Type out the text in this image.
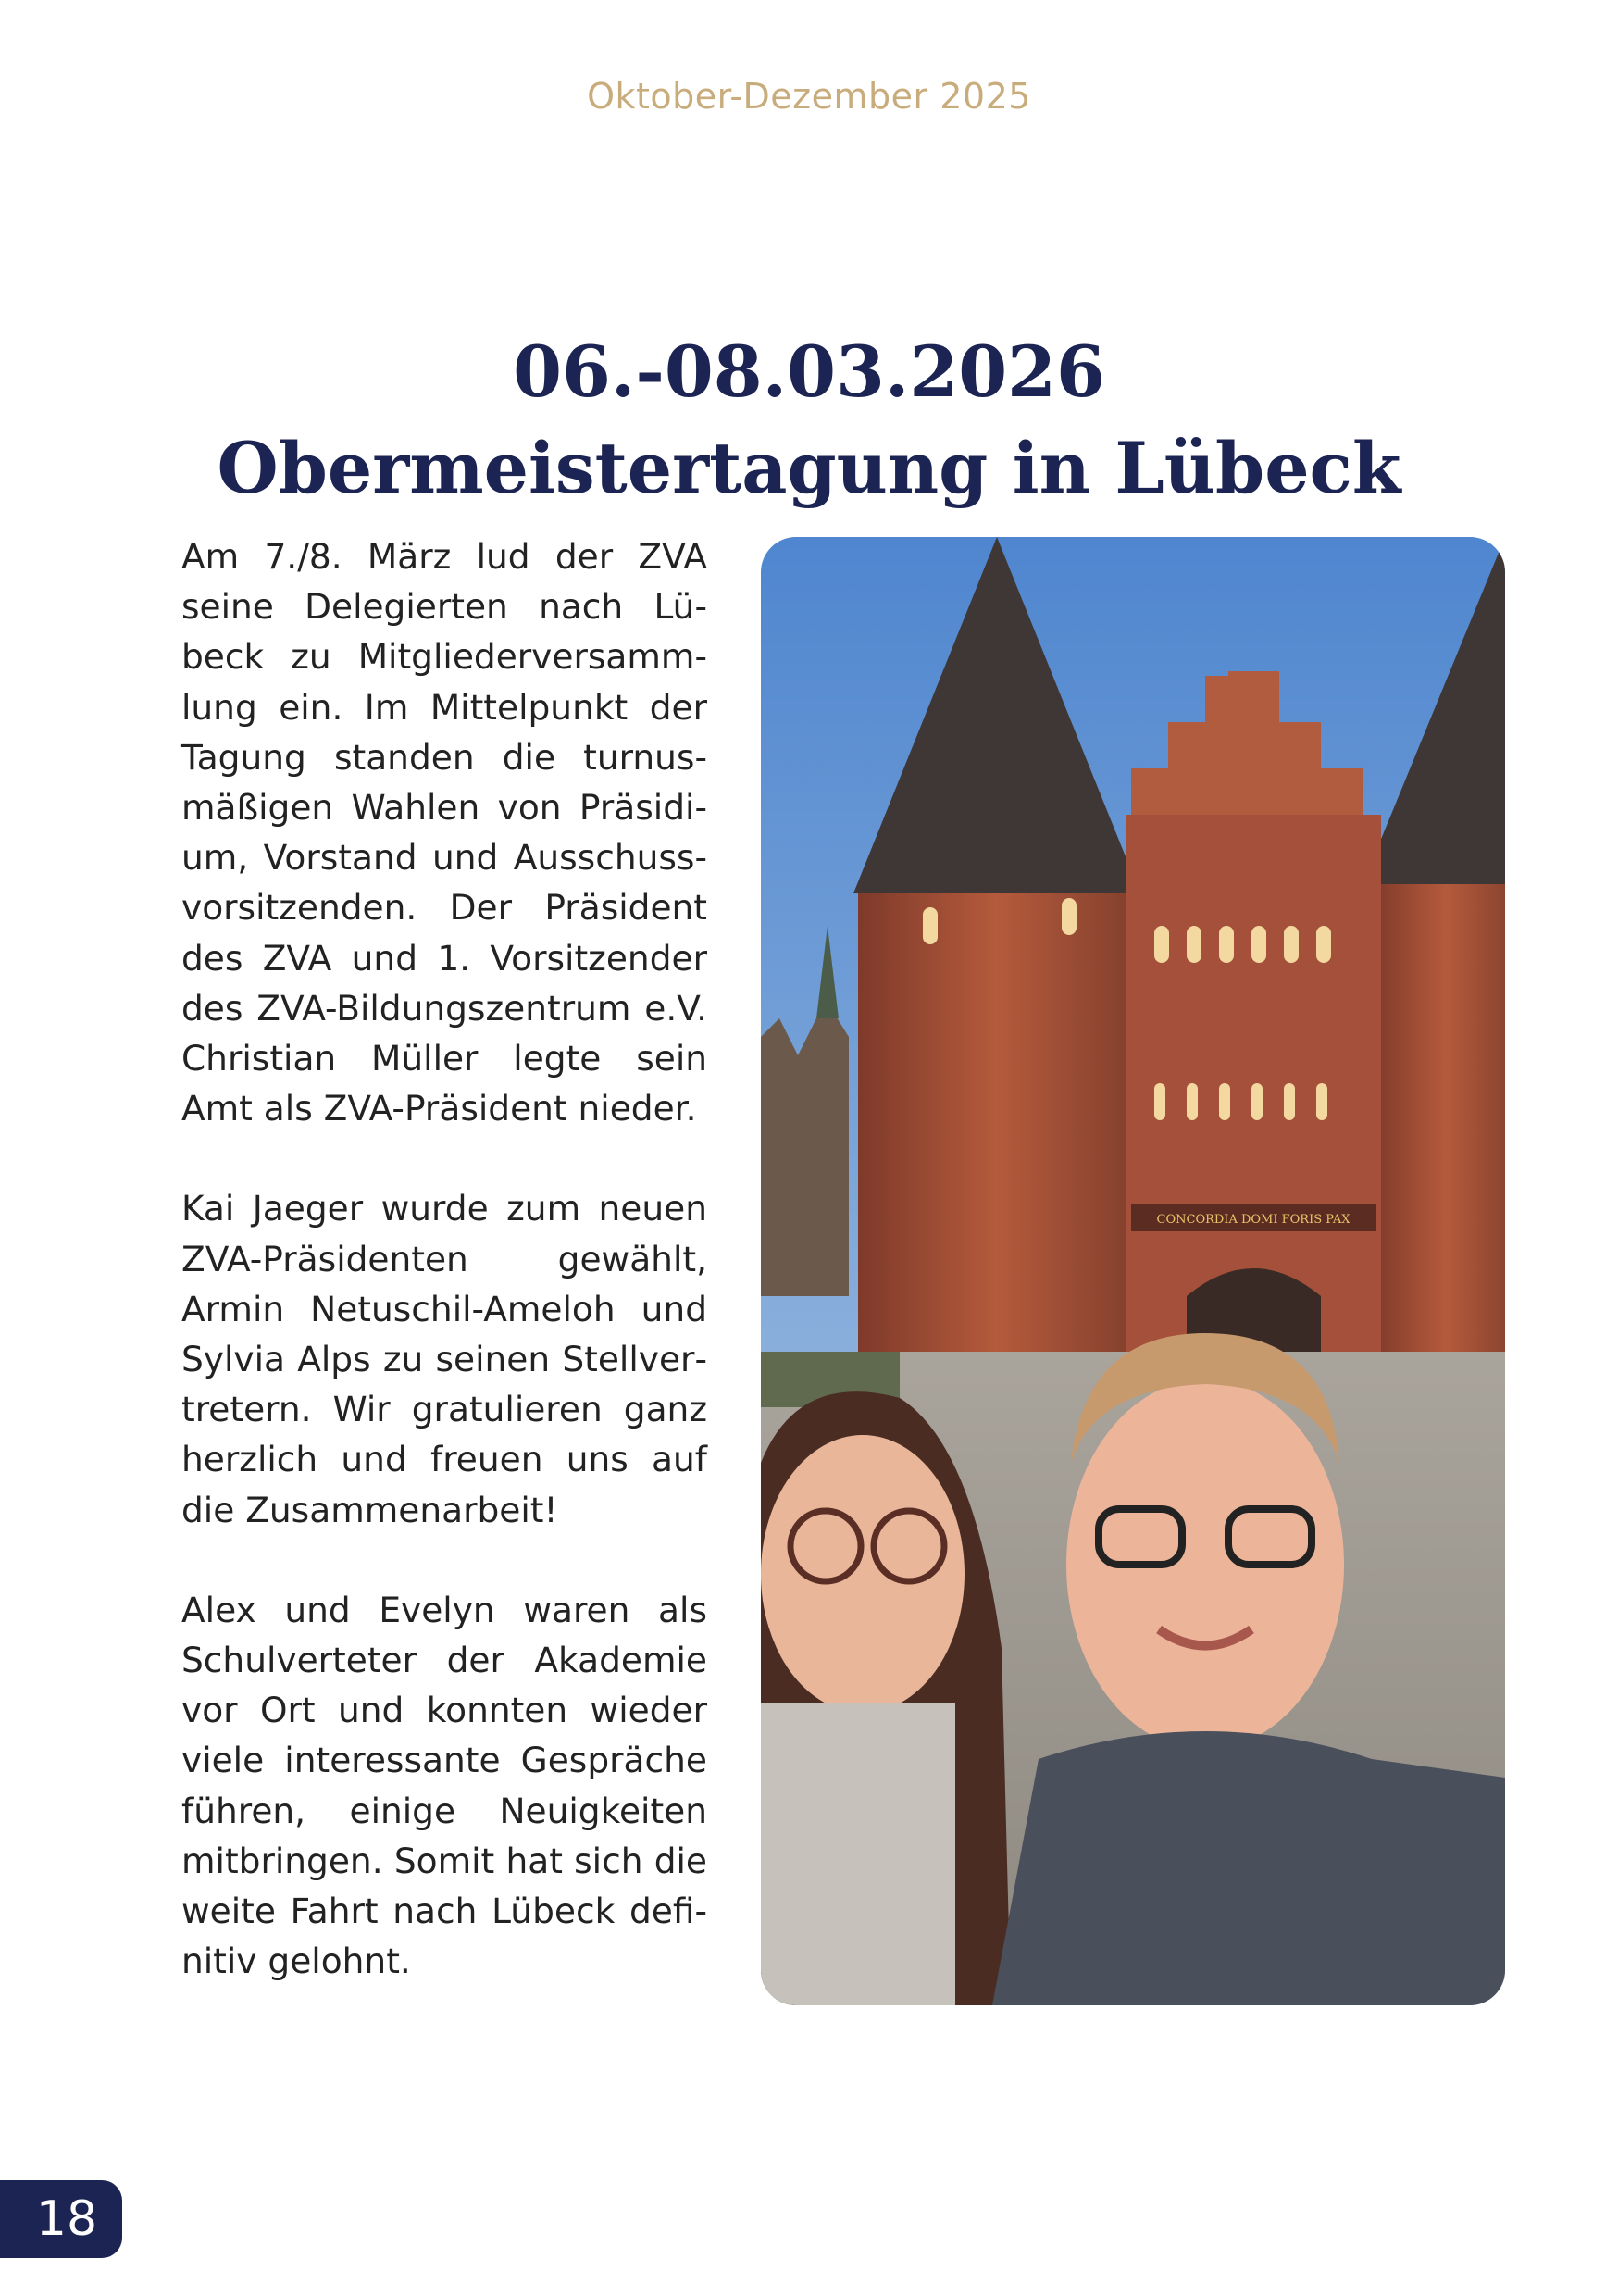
Oktober-Dezember 2025
06.-08.03.2026
Obermeistertagung in Lübeck

Am 7./8. März lud der ZVA seine Delegierten nach Lübeck zu Mitgliederversammlung ein. Im Mittelpunkt der Tagung standen die turnusmäßigen Wahlen von Präsidium, Vorstand und Ausschussvorsitzenden. Der Präsident des ZVA und 1. Vorsitzender des ZVA-Bildungszentrum e.V. Christian Müller legte sein Amt als ZVA-Präsident nieder.

Kai Jaeger wurde zum neuen ZVA-Präsidenten gewählt, Armin Netuschil-Ameloh und Sylvia Alps zu seinen Stellvertretern. Wir gratulieren ganz herzlich und freuen uns auf die Zusammenarbeit!

Alex und Evelyn waren als Schulverteter der Akademie vor Ort und konnten wieder viele interessante Gespräche führen, einige Neuigkeiten mitbringen. Somit hat sich die weite Fahrt nach Lübeck definitiv gelohnt.

CONCORDIA DOMI FORIS PAX
18
